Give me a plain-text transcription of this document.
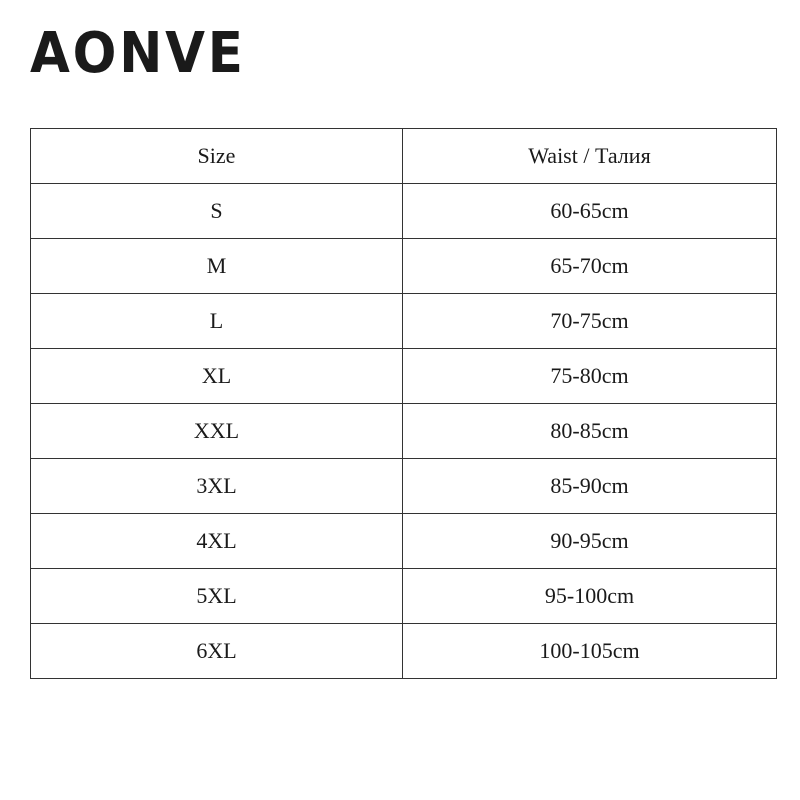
AONVE
Size	Waist / Талия
S	60-65cm
M	65-70cm
L	70-75cm
XL	75-80cm
XXL	80-85cm
3XL	85-90cm
4XL	90-95cm
5XL	95-100cm
6XL	100-105cm
